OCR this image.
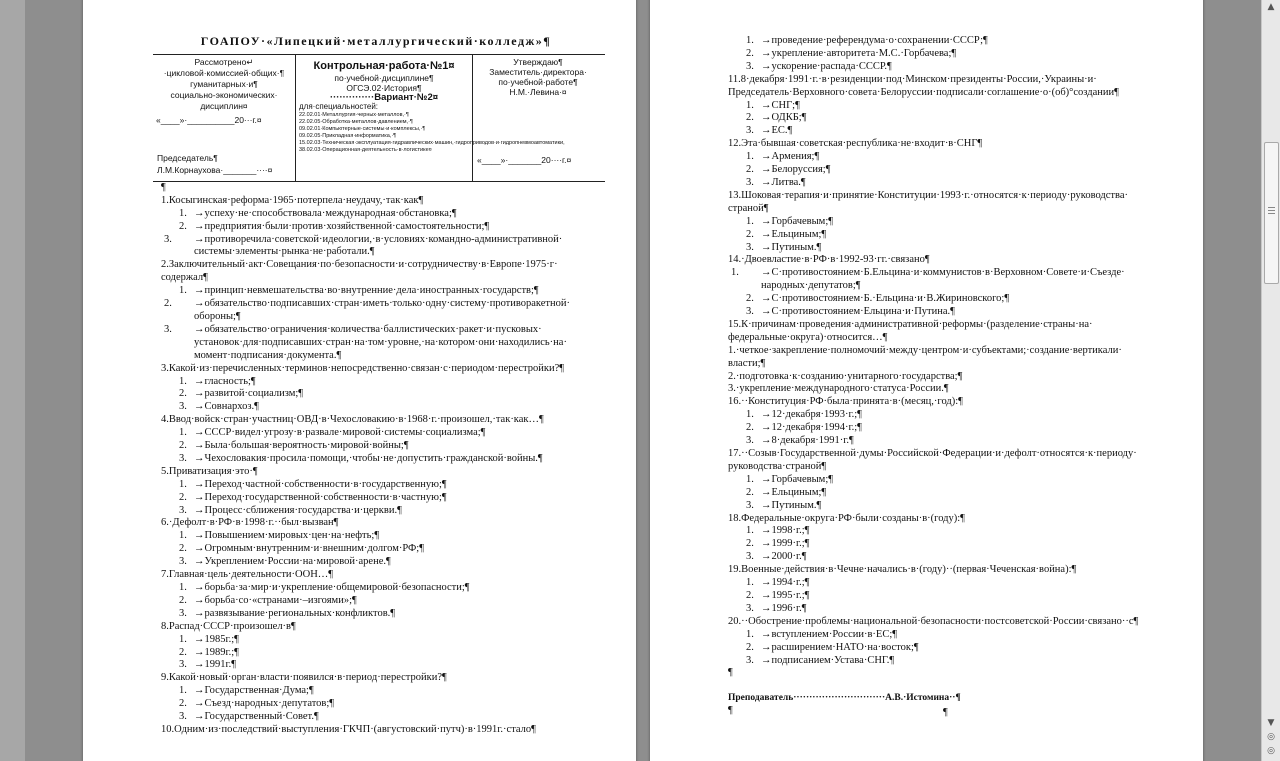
ГОАПОУ·«Липецкий·металлургический·колледж»¶
Рассмотрено↵
·цикловой·комиссией·общих·¶
гуманитарных·и¶
социально-экономических·
дисциплин¤
«____»·__________20···г.¤
Председатель¶
Л.М.Корнаухова·_______····¤
Контрольная·работа·№1¤
по·учебной·дисциплине¶
ОГСЭ.02·История¶
··············Вариант·№2¤
для·специальностей: 22.02.01·Металлургия·черных·металлов,·¶
22.02.05·Обработка·металлов·давлением,·¶
09.02.01·Компьютерные·системы·и·комплексы,·¶
09.02.05·Прикладная·информатика,·¶
15.02.03·Техническая·эксплуатация·гидравлических·машин,·гидроприводов·и·гидропневмоавтоматики,
38.02.03·Операционная·деятельность·в·логистике¤
Утверждаю¶
Заместитель·директора·
по·учебной·работе¶
Н.М.·Левина·¤
«____»·_______20····г.¤
¶
1.Косыгинская·реформа·1965·потерпела·неудачу,·так·как¶
1. →успеху·не·способствовала·международная·обстановка;¶
2. →предприятия·были·против·хозяйственной·самостоятельности;¶
3. →противоречила·советской·идеологии,·в·условиях·командно-административной· системы·элементы·рынка·не·работали.¶
2.Заключительный·акт·Совещания·по·безопасности·и·сотрудничеству·в·Европе·1975·г· содержал¶
1. →принцип·невмешательства·во·внутренние·дела·иностранных·государств;¶
2. →обязательство·подписавших·стран·иметь·только·одну·систему·противоракетной· обороны;¶
3. →обязательство·ограничения·количества·баллистических·ракет·и·пусковых· установок·для·подписавших·стран·на·том·уровне,·на·котором·они·находились·на· момент·подписания·документа.¶
3.Какой·из·перечисленных·терминов·непосредственно·связан·с·периодом·перестройки?¶
1. →гласность;¶
2. →развитой·социализм;¶
3. →Совнархоз.¶
4.Ввод·войск·стран·участниц·ОВД·в·Чехословакию·в·1968·г.·произошел,·так·как…¶
1. →СССР·видел·угрозу·в·развале·мировой·системы·социализма;¶
2. →Была·большая·вероятность·мировой·войны;¶
3. →Чехословакия·просила·помощи,·чтобы·не·допустить·гражданской·войны.¶
5.Приватизация·это·¶
1. →Переход·частной·собственности·в·государственную;¶
2. →Переход·государственной·собственности·в·частную;¶
3. →Процесс·сближения·государства·и·церкви.¶
6.·Дефолт·в·РФ·в·1998·г.··был·вызван¶
1. →Повышением·мировых·цен·на·нефть;¶
2. →Огромным·внутренним·и·внешним·долгом·РФ;¶
3. →Укреплением·России·на·мировой·арене.¶
7.Главная·цель·деятельности·ООН…¶
1. →борьба·за·мир·и·укрепление·общемировой·безопасности;¶
2. →борьба·со·«странами·–изгоями»;¶
3. →развязывание·региональных·конфликтов.¶
8.Распад·СССР·произошел·в¶
1. →1985г.;¶
2. →1989г.;¶
3. →1991г.¶
9.Какой·новый·орган·власти·появился·в·период·перестройки?¶
1. →Государственная·Дума;¶
2. →Съезд·народных·депутатов;¶
3. →Государственный·Совет.¶
10.Одним·из·последствий·выступления·ГКЧП·(августовский·путч)·в·1991г.·стало¶
1. →проведение·референдума·о·сохранении·СССР;¶
2. →укрепление·авторитета·М.С.·Горбачева;¶
3. →ускорение·распада·СССР.¶
11.8·декабря·1991·г.·в·резиденции·под·Минском·президенты·России,·Украины·и· Председатель·Верховного·совета·Белоруссии·подписали·соглашение·о·(об)°создании¶
1. →СНГ;¶
2. →ОДКБ;¶
3. →ЕС.¶
12.Эта·бывшая·советская·республика·не·входит·в·СНГ¶
1. →Армения;¶
2. →Белоруссия;¶
3. →Литва.¶
13.Шоковая·терапия·и·принятие·Конституции·1993·г.·относятся·к·периоду·руководства· страной¶
1. →Горбачевым;¶
2. →Ельциным;¶
3. →Путиным.¶
14.·Двоевластие·в·РФ·в·1992-93·гг.·связано¶
1. →С·противостоянием·Б.Ельцина·и·коммунистов·в·Верховном·Совете·и·Съезде· народных·депутатов;¶
2. →С·противостоянием·Б.·Ельцина·и·В.Жириновского;¶
3. →С·противостоянием·Ельцина·и·Путина.¶
15.К·причинам·проведения·административной·реформы·(разделение·страны·на· федеральные·округа)·относится…¶
1.·четкое·закрепление·полномочий·между·центром·и·субъектами;·создание·вертикали· власти;¶
2.·подготовка·к·созданию·унитарного·государства;¶
3.·укрепление·международного·статуса·России.¶
16.··Конституция·РФ·была·принята·в·(месяц,·год):¶
1. →12·декабря·1993·г.;¶
2. →12·декабря·1994·г.;¶
3. →8·декабря·1991·г.¶
17.··Созыв·Государственной·думы·Российской·Федерации·и·дефолт·относятся·к·периоду· руководства·страной¶
1. →Горбачевым;¶
2. →Ельциным;¶
3. →Путиным.¶
18.Федеральные·округа·РФ·были·созданы·в·(году):¶
1. →1998·г.;¶
2. →1999·г.;¶
3. →2000·г.¶
19.Военные·действия·в·Чечне·начались·в·(году)··(первая·Чеченская·война):¶
1. →1994·г.;¶
2. →1995·г.;¶
3. →1996·г.¶
20.··Обострение·проблемы·национальной·безопасности·постсоветской·России·связано··с¶
1. →вступлением·России·в·ЕС;¶
2. →расширением·НАТО·на·восток;¶
3. →подписанием·Устава·СНГ.¶
¶
Преподаватель·····························А.В.·Истомина··¶
¶	¶
▲
▼
◎
◎
